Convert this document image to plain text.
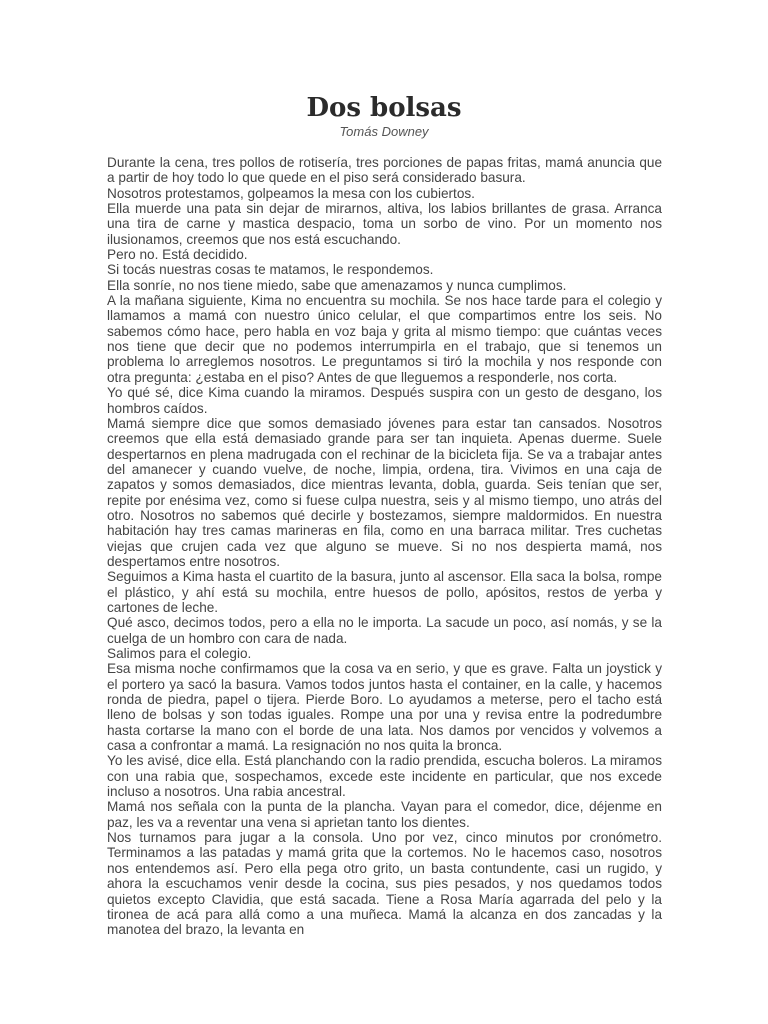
Dos bolsas
Tomás Downey

Durante la cena, tres pollos de rotisería, tres porciones de papas fritas, mamá anuncia que a partir de hoy todo lo que quede en el piso será considerado basura.

Nosotros protestamos, golpeamos la mesa con los cubiertos.

Ella muerde una pata sin dejar de mirarnos, altiva, los labios brillantes de grasa. Arranca una tira de carne y mastica despacio, toma un sorbo de vino. Por un momento nos ilusionamos, creemos que nos está escuchando.

Pero no. Está decidido.

Si tocás nuestras cosas te matamos, le respondemos.

Ella sonríe, no nos tiene miedo, sabe que amenazamos y nunca cumplimos.

A la mañana siguiente, Kima no encuentra su mochila. Se nos hace tarde para el colegio y llamamos a mamá con nuestro único celular, el que compartimos entre los seis. No sabemos cómo hace, pero habla en voz baja y grita al mismo tiempo: que cuántas veces nos tiene que decir que no podemos interrumpirla en el trabajo, que si tenemos un problema lo arreglemos nosotros. Le preguntamos si tiró la mochila y nos responde con otra pregunta: ¿estaba en el piso? Antes de que lleguemos a responderle, nos corta.

Yo qué sé, dice Kima cuando la miramos. Después suspira con un gesto de desgano, los hombros caídos.

Mamá siempre dice que somos demasiado jóvenes para estar tan cansados. Nosotros creemos que ella está demasiado grande para ser tan inquieta. Apenas duerme. Suele despertarnos en plena madrugada con el rechinar de la bicicleta fija. Se va a trabajar antes del amanecer y cuando vuelve, de noche, limpia, ordena, tira. Vivimos en una caja de zapatos y somos demasiados, dice mientras levanta, dobla, guarda. Seis tenían que ser, repite por enésima vez, como si fuese culpa nuestra, seis y al mismo tiempo, uno atrás del otro. Nosotros no sabemos qué decirle y bostezamos, siempre maldormidos. En nuestra habitación hay tres camas marineras en fila, como en una barraca militar. Tres cuchetas viejas que crujen cada vez que alguno se mueve. Si no nos despierta mamá, nos despertamos entre nosotros.

Seguimos a Kima hasta el cuartito de la basura, junto al ascensor. Ella saca la bolsa, rompe el plástico, y ahí está su mochila, entre huesos de pollo, apósitos, restos de yerba y cartones de leche.

Qué asco, decimos todos, pero a ella no le importa. La sacude un poco, así nomás, y se la cuelga de un hombro con cara de nada.

Salimos para el colegio.

Esa misma noche confirmamos que la cosa va en serio, y que es grave. Falta un joystick y el portero ya sacó la basura. Vamos todos juntos hasta el container, en la calle, y hacemos ronda de piedra, papel o tijera. Pierde Boro. Lo ayudamos a meterse, pero el tacho está lleno de bolsas y son todas iguales. Rompe una por una y revisa entre la podredumbre hasta cortarse la mano con el borde de una lata. Nos damos por vencidos y volvemos a casa a confrontar a mamá. La resignación no nos quita la bronca.

Yo les avisé, dice ella. Está planchando con la radio prendida, escucha boleros. La miramos con una rabia que, sospechamos, excede este incidente en particular, que nos excede incluso a nosotros. Una rabia ancestral.

Mamá nos señala con la punta de la plancha. Vayan para el comedor, dice, déjenme en paz, les va a reventar una vena si aprietan tanto los dientes.

Nos turnamos para jugar a la consola. Uno por vez, cinco minutos por cronómetro. Terminamos a las patadas y mamá grita que la cortemos. No le hacemos caso, nosotros nos entendemos así. Pero ella pega otro grito, un basta contundente, casi un rugido, y ahora la escuchamos venir desde la cocina, sus pies pesados, y nos quedamos todos quietos excepto Clavidia, que está sacada. Tiene a Rosa María agarrada del pelo y la tironea de acá para allá como a una muñeca. Mamá la alcanza en dos zancadas y la manotea del brazo, la levanta en
